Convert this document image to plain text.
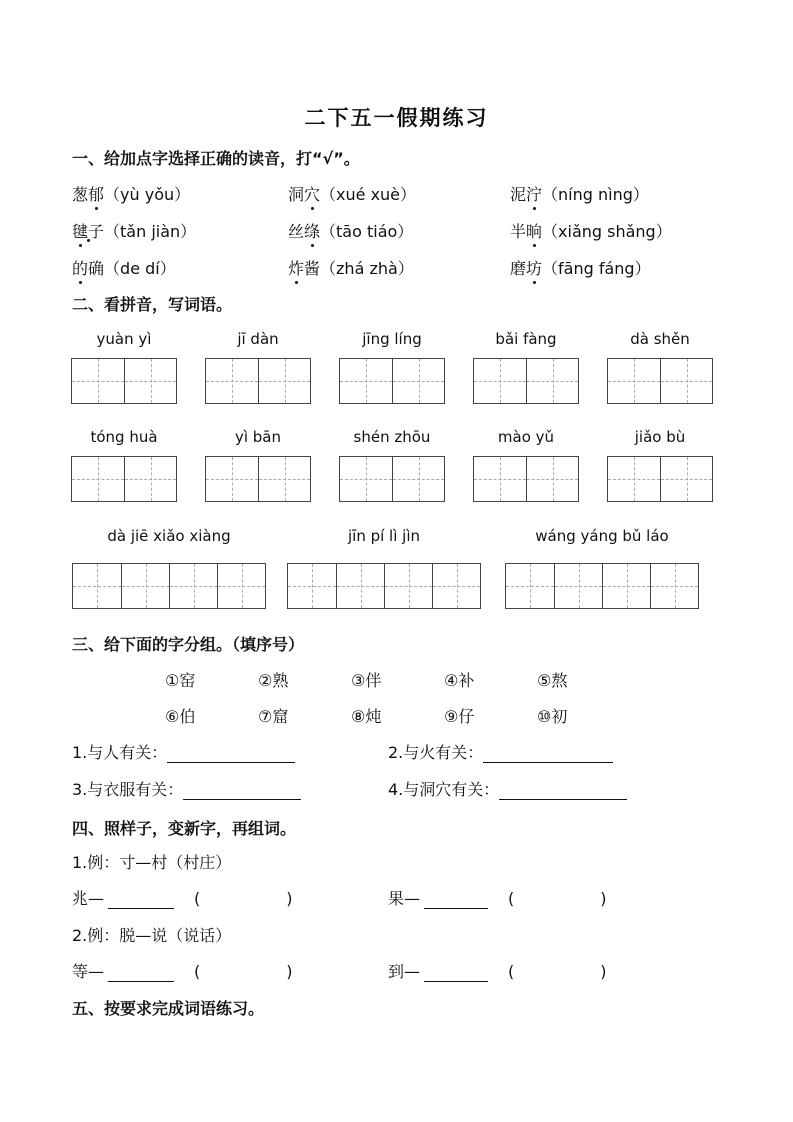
二下五一假期练习
一、给加点字选择正确的读音，打“√”。
葱郁（yù yǒu）	洞穴（xué xuè）	泥泞（níng nìng）
毽子（tǎn jiàn）	丝绦（tāo tiáo）	半晌（xiǎng shǎng）
的确（de dí）	炸酱（zhá zhà）	磨坊（fāng fáng）
二、看拼音，写词语。
yuàn yì	jī dàn	jīng líng	bǎi fàng	dà shěn
tóng huà	yì bān	shén zhōu	mào yǔ	jiǎo bù
dà jiē xiǎo xiàng	jīn pí lì jìn	wáng yáng bǔ láo
三、给下面的字分组。（填序号）
①窑	②熟	③伴	④补	⑤熬
⑥伯	⑦窟	⑧炖	⑨仔	⑩初
1.与人有关：	2.与火有关：
3.与衣服有关：	4.与洞穴有关：
四、照样子，变新字，再组词。
1.例：寸—村（村庄）
兆—	(	)	果—	(	)
2.例：脱—说（说话）
等—	(	)	到—	(	)
五、按要求完成词语练习。
